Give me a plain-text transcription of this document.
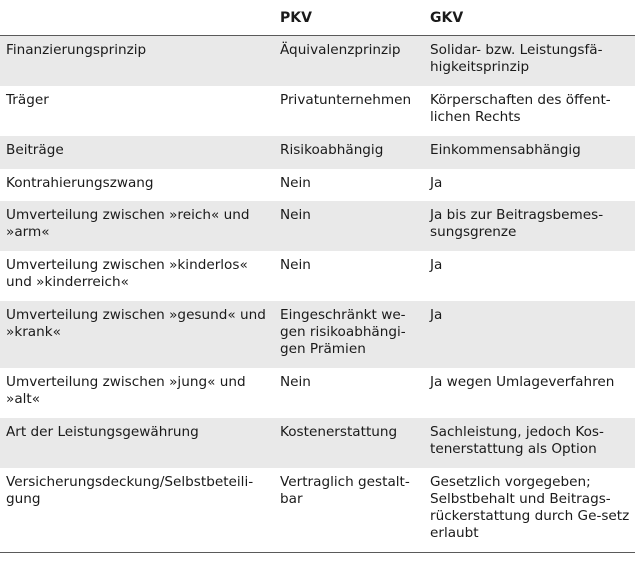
	PKV	GKV
Finanzierungsprinzip	Äquivalenzprinzip	Solidar- bzw. Leistungsfä-higkeitsprinzip
Träger	Privatunternehmen	Körperschaften des öffent-lichen Rechts
Beiträge	Risikoabhängig	Einkommensabhängig
Kontrahierungszwang	Nein	Ja
Umverteilung zwischen »reich« und »arm«	Nein	Ja bis zur Beitragsbemes-sungsgrenze
Umverteilung zwischen »kinderlos« und »kinderreich«	Nein	Ja
Umverteilung zwischen »gesund« und »krank«	Eingeschränkt we-gen risikoabhängi-gen Prämien	Ja
Umverteilung zwischen »jung« und »alt«	Nein	Ja wegen Umlageverfahren
Art der Leistungsgewährung	Kostenerstattung	Sachleistung, jedoch Kos-tenerstattung als Option
Versicherungsdeckung/Selbstbeteili-gung	Vertraglich gestalt-bar	Gesetzlich vorgegeben; Selbstbehalt und Beitrags-rückerstattung durch Ge-setz erlaubt
